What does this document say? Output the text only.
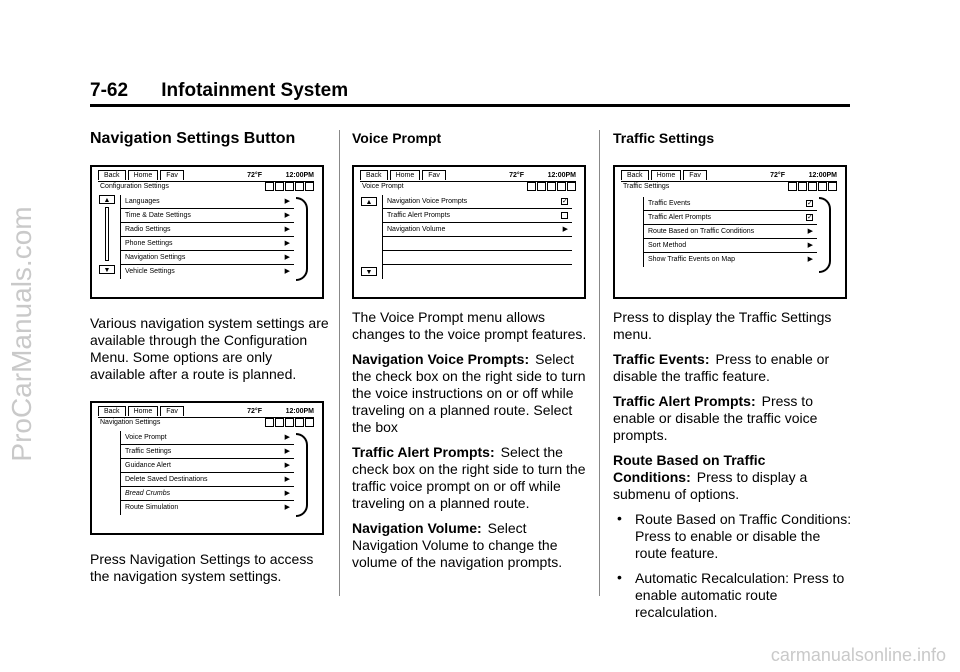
ProCarManuals.com
carmanualsonline.info
7-62 Infotainment System
Navigation Settings Button
Back Home Fav	72°F	12:00PM
Configuration Settings
▲
▼
Languages	▶
Time & Date Settings	▶
Radio Settings	▶
Phone Settings	▶
Navigation Settings	▶
Vehicle Settings	▶

Various navigation system settings are available through the Configuration Menu. Some options are only available after a route is planned.

Back Home Fav	72°F	12:00PM
Navigation Settings
Voice Prompt	▶
Traffic Settings	▶
Guidance Alert	▶
Delete Saved Destinations	▶
Bread Crumbs	▶
Route Simulation	▶

Press Navigation Settings to access the navigation system settings.

Voice Prompt
Back Home Fav	72°F	12:00PM
Voice Prompt
▲
▼
Navigation Voice Prompts	✓
Traffic Alert Prompts
Navigation Volume	▶

The Voice Prompt menu allows changes to the voice prompt features.

Navigation Voice Prompts: Select the check box on the right side to turn the voice instructions on or off while traveling on a planned route. Select the box

Traffic Alert Prompts: Select the check box on the right side to turn the traffic voice prompt on or off while traveling on a planned route.

Navigation Volume: Select Navigation Volume to change the volume of the navigation prompts.

Traffic Settings
Back Home Fav	72°F	12:00PM
Traffic Settings
Traffic Events	✓
Traffic Alert Prompts	✓
Route Based on Traffic Conditions	▶
Sort Method	▶
Show Traffic Events on Map	▶

Press to display the Traffic Settings menu.

Traffic Events: Press to enable or disable the traffic feature.

Traffic Alert Prompts: Press to enable or disable the traffic voice prompts.

Route Based on Traffic Conditions: Press to display a submenu of options.

• Route Based on Traffic Conditions: Press to enable or disable the route feature.
• Automatic Recalculation: Press to enable automatic route recalculation.
